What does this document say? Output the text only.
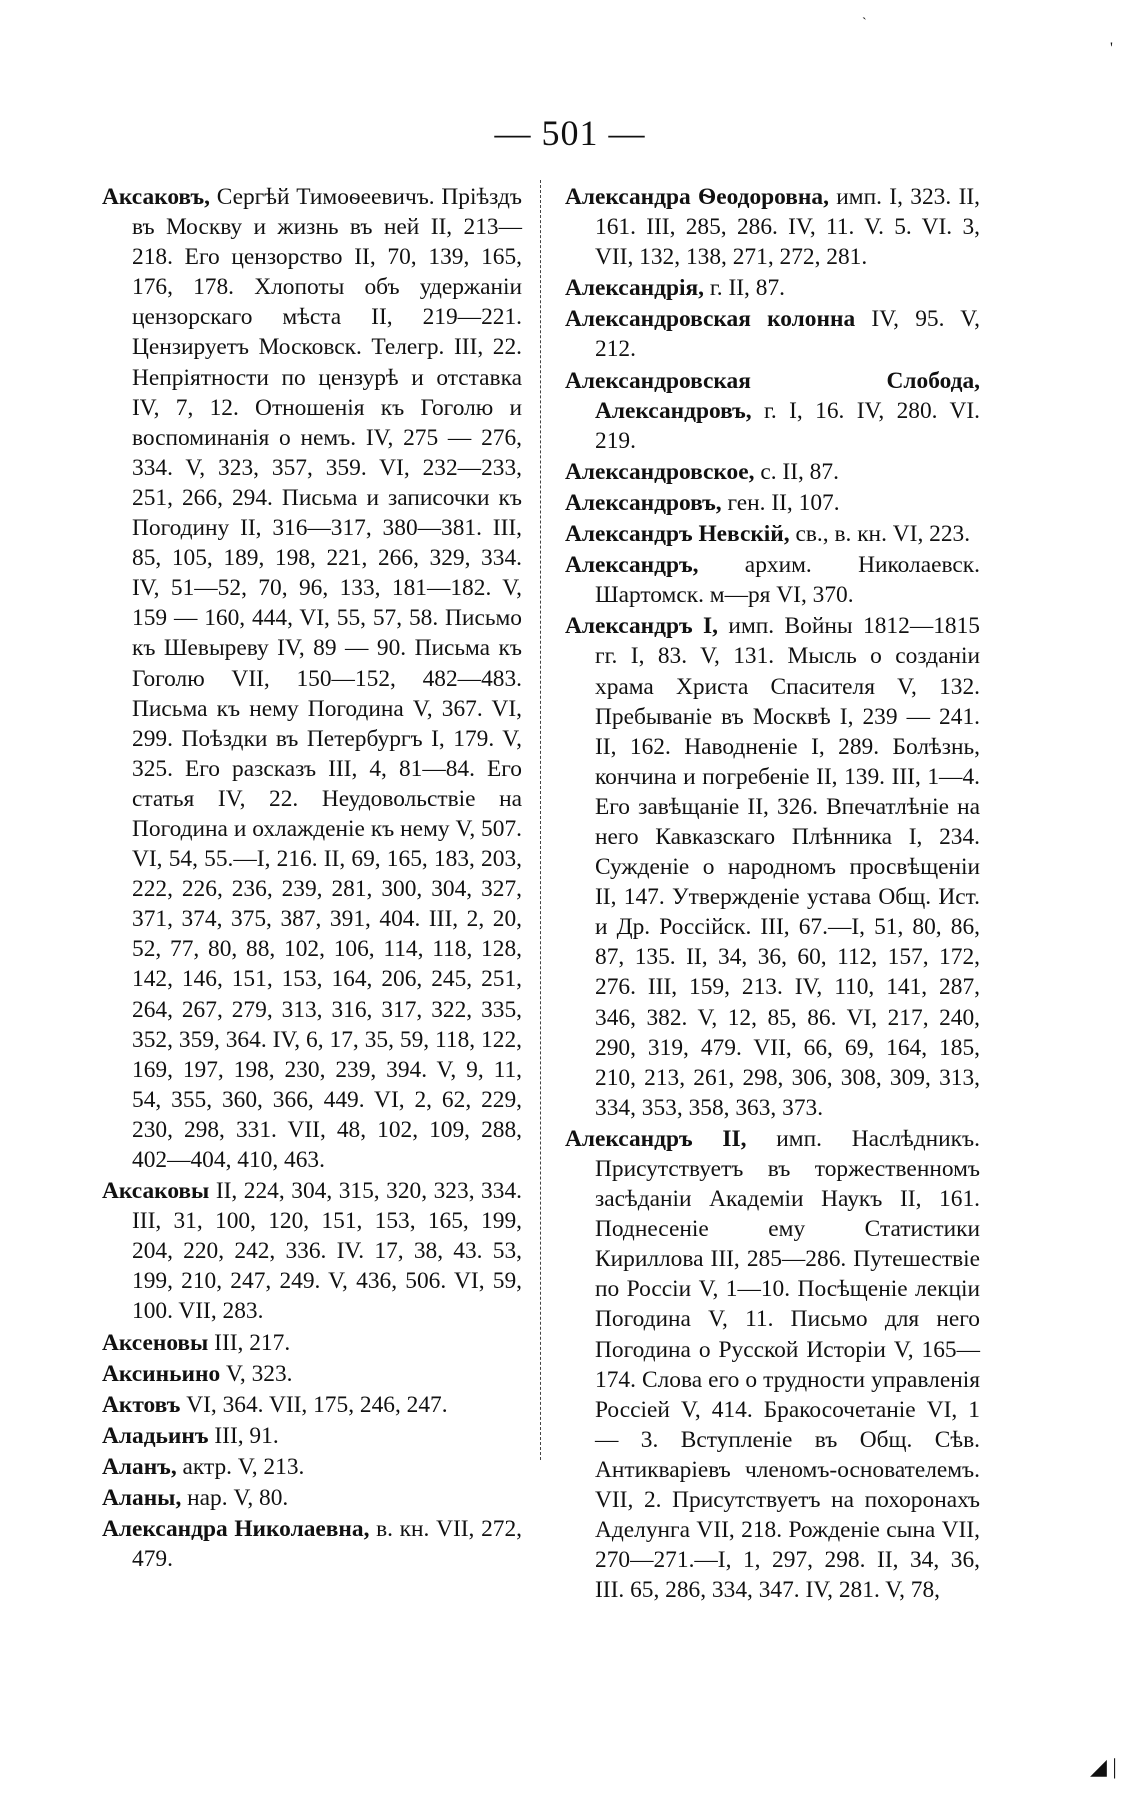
`
'
— 501 —

Аксаковъ, Сергѣй Тимоѳеевичъ. Пріѣздъ въ Москву и жизнь въ ней II, 213—218. Его цензорство II, 70, 139, 165, 176, 178. Хлопоты объ удержаніи цензорскаго мѣста II, 219—221. Цензируетъ Московск. Телегр. III, 22. Непріятности по цензурѣ и отставка IV, 7, 12. Отношенія къ Гоголю и воспоминанія о немъ. IV, 275 — 276, 334. V, 323, 357, 359. VI, 232—233, 251, 266, 294. Письма и записочки къ Погодину II, 316—317, 380—381. III, 85, 105, 189, 198, 221, 266, 329, 334. IV, 51—52, 70, 96, 133, 181—182. V, 159 — 160, 444, VI, 55, 57, 58. Письмо къ Шевыреву IV, 89 — 90. Письма къ Гоголю VII, 150—152, 482—483. Письма къ нему Погодина V, 367. VI, 299. Поѣздки въ Петербургъ I, 179. V, 325. Его разсказъ III, 4, 81—84. Его статья IV, 22. Неудовольствіе на Погодина и охлажденіе къ нему V, 507. VI, 54, 55.—I, 216. II, 69, 165, 183, 203, 222, 226, 236, 239, 281, 300, 304, 327, 371, 374, 375, 387, 391, 404. III, 2, 20, 52, 77, 80, 88, 102, 106, 114, 118, 128, 142, 146, 151, 153, 164, 206, 245, 251, 264, 267, 279, 313, 316, 317, 322, 335, 352, 359, 364. IV, 6, 17, 35, 59, 118, 122, 169, 197, 198, 230, 239, 394. V, 9, 11, 54, 355, 360, 366, 449. VI, 2, 62, 229, 230, 298, 331. VII, 48, 102, 109, 288, 402—404, 410, 463.

Аксаковы II, 224, 304, 315, 320, 323, 334. III, 31, 100, 120, 151, 153, 165, 199, 204, 220, 242, 336. IV. 17, 38, 43. 53, 199, 210, 247, 249. V, 436, 506. VI, 59, 100. VII, 283.

Аксеновы III, 217.

Аксиньино V, 323.

Актовъ VI, 364. VII, 175, 246, 247.

Аладьинъ III, 91.

Аланъ, актр. V, 213.

Аланы, нар. V, 80.

Александра Николаевна, в. кн. VII, 272, 479.

Александра Ѳеодоровна, имп. I, 323. II, 161. III, 285, 286. IV, 11. V. 5. VI. 3, VII, 132, 138, 271, 272, 281.

Александрія, г. II, 87.

Александровская колонна IV, 95. V, 212.

Александровская Слобода, Александровъ, г. I, 16. IV, 280. VI. 219.

Александровское, с. II, 87.

Александровъ, ген. II, 107.

Александръ Невскій, св., в. кн. VI, 223.

Александръ, архим. Николаевск. Шартомск. м—ря VI, 370.

Александръ I, имп. Войны 1812—1815 гг. I, 83. V, 131. Мысль о созданіи храма Христа Спасителя V, 132. Пребываніе въ Москвѣ I, 239 — 241. II, 162. Наводненіе I, 289. Болѣзнь, кончина и погребеніе II, 139. III, 1—4. Его завѣщаніе II, 326. Впечатлѣніе на него Кавказскаго Плѣнника I, 234. Сужденіе о народномъ просвѣщеніи II, 147. Утвержденіе устава Общ. Ист. и Др. Россійск. III, 67.—I, 51, 80, 86, 87, 135. II, 34, 36, 60, 112, 157, 172, 276. III, 159, 213. IV, 110, 141, 287, 346, 382. V, 12, 85, 86. VI, 217, 240, 290, 319, 479. VII, 66, 69, 164, 185, 210, 213, 261, 298, 306, 308, 309, 313, 334, 353, 358, 363, 373.

Александръ II, имп. Наслѣдникъ. Присутствуетъ въ торжественномъ засѣданіи Академіи Наукъ II, 161. Поднесеніе ему Статистики Кириллова III, 285—286. Путешествіе по Россіи V, 1—10. Посѣщеніе лекціи Погодина V, 11. Письмо для него Погодина о Русской Исторіи V, 165—174. Слова его о трудности управленія Россіей V, 414. Бракосочетаніе VI, 1 — 3. Вступленіе въ Общ. Сѣв. Антикваріевъ членомъ-основателемъ. VII, 2. Присутствуетъ на похоронахъ Аделунга VII, 218. Рожденіе сына VII, 270—271.—I, 1, 297, 298. II, 34, 36, III. 65, 286, 334, 347. IV, 281. V, 78,

◢ |
